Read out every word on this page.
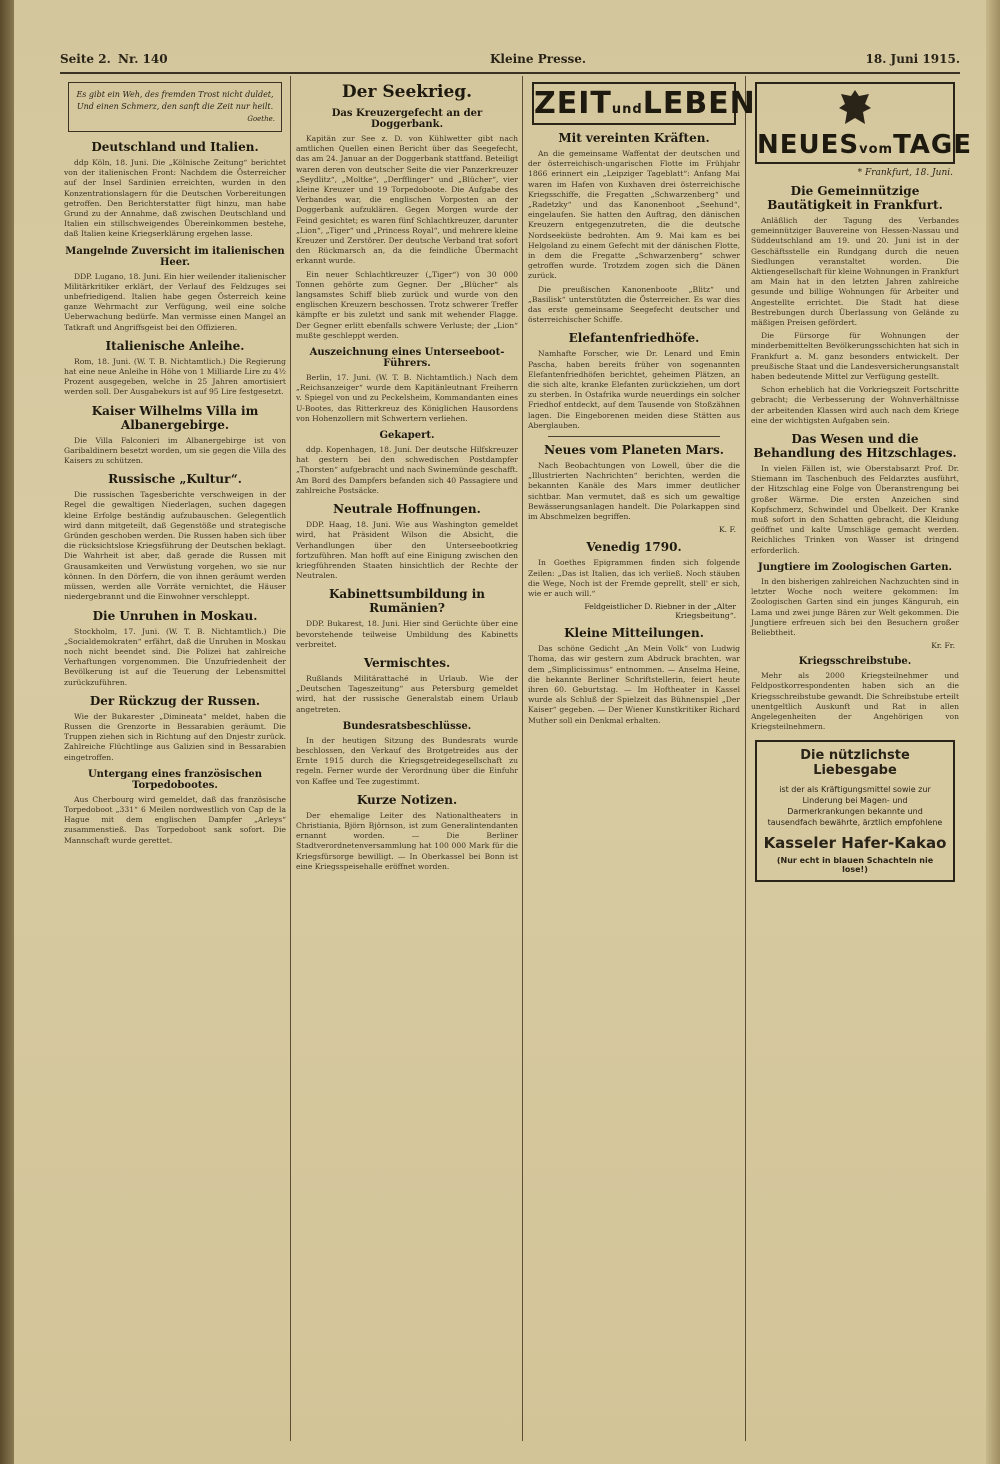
Seite 2. Nr. 140	Kleine Presse.	18. Juni 1915.
Es gibt ein Weh, des fremden Trost nicht duldet,
Und einen Schmerz, den sanft die Zeit nur heilt.
Goethe.
Deutschland und Italien.

ddp Köln, 18. Juni. Die „Kölnische Zeitung“ berichtet von der italienischen Front: Nachdem die Österreicher auf der Insel Sardinien erreichten, wurden in den Konzentrationslagern für die Deutschen Vorbereitungen getroffen. Den Berichterstatter fügt hinzu, man habe Grund zu der Annahme, daß zwischen Deutschland und Italien ein stillschweigendes Übereinkommen bestehe, daß Italien keine Kriegserklärung ergehen lasse.

Mangelnde Zuversicht im italienischen Heer.

DDP. Lugano, 18. Juni. Ein hier weilender italienischer Militärkritiker erklärt, der Verlauf des Feldzuges sei unbefriedigend. Italien habe gegen Österreich keine ganze Wehrmacht zur Verfügung, weil eine solche Ueberwachung bedürfe. Man vermisse einen Mangel an Tatkraft und Angriffsgeist bei den Offizieren.

Italienische Anleihe.

Rom, 18. Juni. (W. T. B. Nichtamtlich.) Die Regierung hat eine neue Anleihe in Höhe von 1 Milliarde Lire zu 4½ Prozent ausgegeben, welche in 25 Jahren amortisiert werden soll. Der Ausgabekurs ist auf 95 Lire festgesetzt.

Kaiser Wilhelms Villa im Albanergebirge.

Die Villa Falconieri im Albanergebirge ist von Garibaldinern besetzt worden, um sie gegen die Villa des Kaisers zu schützen.

Russische „Kultur“.

Die russischen Tagesberichte verschweigen in der Regel die gewaltigen Niederlagen, suchen dagegen kleine Erfolge beständig aufzubauschen. Gelegentlich wird dann mitgeteilt, daß Gegenstöße und strategische Gründen geschoben werden. Die Russen haben sich über die rücksichtslose Kriegsführung der Deutschen beklagt. Die Wahrheit ist aber, daß gerade die Russen mit Grausamkeiten und Verwüstung vorgehen, wo sie nur können. In den Dörfern, die von ihnen geräumt werden müssen, werden alle Vorräte vernichtet, die Häuser niedergebrannt und die Einwohner verschleppt.

Die Unruhen in Moskau.

Stockholm, 17. Juni. (W. T. B. Nichtamtlich.) Die „Socialdemokraten“ erfährt, daß die Unruhen in Moskau noch nicht beendet sind. Die Polizei hat zahlreiche Verhaftungen vorgenommen. Die Unzufriedenheit der Bevölkerung ist auf die Teuerung der Lebensmittel zurückzuführen.

Der Rückzug der Russen.

Wie der Bukarester „Dimineata“ meldet, haben die Russen die Grenzorte in Bessarabien geräumt. Die Truppen ziehen sich in Richtung auf den Dnjestr zurück. Zahlreiche Flüchtlinge aus Galizien sind in Bessarabien eingetroffen.

Untergang eines französischen Torpedobootes.

Aus Cherbourg wird gemeldet, daß das französische Torpedoboot „331“ 6 Meilen nordwestlich von Cap de la Hague mit dem englischen Dampfer „Arleys“ zusammenstieß. Das Torpedoboot sank sofort. Die Mannschaft wurde gerettet.

Der Seekrieg.
Das Kreuzergefecht an der Doggerbank.

Kapitän zur See z. D. von Kühlwetter gibt nach amtlichen Quellen einen Bericht über das Seegefecht, das am 24. Januar an der Doggerbank stattfand. Beteiligt waren deren von deutscher Seite die vier Panzerkreuzer „Seydlitz“, „Moltke“, „Derfflinger“ und „Blücher“, vier kleine Kreuzer und 19 Torpedoboote. Die Aufgabe des Verbandes war, die englischen Vorposten an der Doggerbank aufzuklären. Gegen Morgen wurde der Feind gesichtet; es waren fünf Schlachtkreuzer, darunter „Lion“, „Tiger“ und „Princess Royal“, und mehrere kleine Kreuzer und Zerstörer. Der deutsche Verband trat sofort den Rückmarsch an, da die feindliche Übermacht erkannt wurde.

Ein neuer Schlachtkreuzer („Tiger“) von 30 000 Tonnen gehörte zum Gegner. Der „Blücher“ als langsamstes Schiff blieb zurück und wurde von den englischen Kreuzern beschossen. Trotz schwerer Treffer kämpfte er bis zuletzt und sank mit wehender Flagge. Der Gegner erlitt ebenfalls schwere Verluste; der „Lion“ mußte geschleppt werden.

Auszeichnung eines Unterseeboot-Führers.

Berlin, 17. Juni. (W. T. B. Nichtamtlich.) Nach dem „Reichsanzeiger“ wurde dem Kapitänleutnant Freiherrn v. Spiegel von und zu Peckelsheim, Kommandanten eines U-Bootes, das Ritterkreuz des Königlichen Hausordens von Hohenzollern mit Schwertern verliehen.

Gekapert.

ddp. Kopenhagen, 18. Juni. Der deutsche Hilfskreuzer hat gestern bei den schwedischen Postdampfer „Thorsten“ aufgebracht und nach Swinemünde geschafft. Am Bord des Dampfers befanden sich 40 Passagiere und zahlreiche Postsäcke.

Neutrale Hoffnungen.

DDP. Haag, 18. Juni. Wie aus Washington gemeldet wird, hat Präsident Wilson die Absicht, die Verhandlungen über den Unterseebootkrieg fortzuführen. Man hofft auf eine Einigung zwischen den kriegführenden Staaten hinsichtlich der Rechte der Neutralen.

Kabinettsumbildung in Rumänien?

DDP. Bukarest, 18. Juni. Hier sind Gerüchte über eine bevorstehende teilweise Umbildung des Kabinetts verbreitet.

Vermischtes.

Rußlands Militärattaché in Urlaub. Wie der „Deutschen Tageszeitung“ aus Petersburg gemeldet wird, hat der russische Generalstab einem Urlaub angetreten.

Bundesratsbeschlüsse.

In der heutigen Sitzung des Bundesrats wurde beschlossen, den Verkauf des Brotgetreides aus der Ernte 1915 durch die Kriegsgetreidegesellschaft zu regeln. Ferner wurde der Verordnung über die Einfuhr von Kaffee und Tee zugestimmt.

Kurze Notizen.

Der ehemalige Leiter des Nationaltheaters in Christiania, Björn Björnson, ist zum Generalintendanten ernannt worden. — Die Berliner Stadtverordnetenversammlung hat 100 000 Mark für die Kriegsfürsorge bewilligt. — In Oberkassel bei Bonn ist eine Kriegsspeisehalle eröffnet worden.

ZEITundLEBEN
Mit vereinten Kräften.

An die gemeinsame Waffentat der deutschen und der österreichisch-ungarischen Flotte im Frühjahr 1866 erinnert ein „Leipziger Tageblatt“: Anfang Mai waren im Hafen von Kuxhaven drei österreichische Kriegsschiffe, die Fregatten „Schwarzenberg“ und „Radetzky“ und das Kanonenboot „Seehund“, eingelaufen. Sie hatten den Auftrag, den dänischen Kreuzern entgegenzutreten, die die deutsche Nordseeküste bedrohten. Am 9. Mai kam es bei Helgoland zu einem Gefecht mit der dänischen Flotte, in dem die Fregatte „Schwarzenberg“ schwer getroffen wurde. Trotzdem zogen sich die Dänen zurück.

Die preußischen Kanonenboote „Blitz“ und „Basilisk“ unterstützten die Österreicher. Es war dies das erste gemeinsame Seegefecht deutscher und österreichischer Schiffe.

Elefantenfriedhöfe.

Namhafte Forscher, wie Dr. Lenard und Emin Pascha, haben bereits früher von sogenannten Elefantenfriedhöfen berichtet, geheimen Plätzen, an die sich alte, kranke Elefanten zurückziehen, um dort zu sterben. In Ostafrika wurde neuerdings ein solcher Friedhof entdeckt, auf dem Tausende von Stoßzähnen lagen. Die Eingeborenen meiden diese Stätten aus Aberglauben.

Neues vom Planeten Mars.

Nach Beobachtungen von Lowell, über die die „Illustrierten Nachrichten“ berichten, werden die bekannten Kanäle des Mars immer deutlicher sichtbar. Man vermutet, daß es sich um gewaltige Bewässerungsanlagen handelt. Die Polarkappen sind im Abschmelzen begriffen.

K. F.
Venedig 1790.

In Goethes Epigrammen finden sich folgende Zeilen: „Das ist Italien, das ich verließ. Noch stäuben die Wege, Noch ist der Fremde geprellt, stell' er sich, wie er auch will.“

Feldgeistlicher D. Riebner in der „Alter Kriegsbeitung“.
Kleine Mitteilungen.

Das schöne Gedicht „An Mein Volk“ von Ludwig Thoma, das wir gestern zum Abdruck brachten, war dem „Simplicissimus“ entnommen. — Anselma Heine, die bekannte Berliner Schriftstellerin, feiert heute ihren 60. Geburtstag. — Im Hoftheater in Kassel wurde als Schluß der Spielzeit das Bühnenspiel „Der Kaiser“ gegeben. — Der Wiener Kunstkritiker Richard Muther soll ein Denkmal erhalten.

NEUESvomTAGE
* Frankfurt, 18. Juni.
Die Gemeinnützige Bautätigkeit in Frankfurt.

Anläßlich der Tagung des Verbandes gemeinnütziger Bauvereine von Hessen-Nassau und Süddeutschland am 19. und 20. Juni ist in der Geschäftsstelle ein Rundgang durch die neuen Siedlungen veranstaltet worden. Die Aktiengesellschaft für kleine Wohnungen in Frankfurt am Main hat in den letzten Jahren zahlreiche gesunde und billige Wohnungen für Arbeiter und Angestellte errichtet. Die Stadt hat diese Bestrebungen durch Überlassung von Gelände zu mäßigen Preisen gefördert.

Die Fürsorge für Wohnungen der minderbemittelten Bevölkerungsschichten hat sich in Frankfurt a. M. ganz besonders entwickelt. Der preußische Staat und die Landesversicherungsanstalt haben bedeutende Mittel zur Verfügung gestellt.

Schon erheblich hat die Vorkriegszeit Fortschritte gebracht; die Verbesserung der Wohnverhältnisse der arbeitenden Klassen wird auch nach dem Kriege eine der wichtigsten Aufgaben sein.

Das Wesen und die Behandlung des Hitzschlages.

In vielen Fällen ist, wie Oberstabsarzt Prof. Dr. Stiemann im Taschenbuch des Feldarztes ausführt, der Hitzschlag eine Folge von Überanstrengung bei großer Wärme. Die ersten Anzeichen sind Kopfschmerz, Schwindel und Übelkeit. Der Kranke muß sofort in den Schatten gebracht, die Kleidung geöffnet und kalte Umschläge gemacht werden. Reichliches Trinken von Wasser ist dringend erforderlich.

Jungtiere im Zoologischen Garten.

In den bisherigen zahlreichen Nachzuchten sind in letzter Woche noch weitere gekommen: Im Zoologischen Garten sind ein junges Känguruh, ein Lama und zwei junge Bären zur Welt gekommen. Die Jungtiere erfreuen sich bei den Besuchern großer Beliebtheit.

Kr. Fr.
Kriegsschreibstube.

Mehr als 2000 Kriegsteilnehmer und Feldpostkorrespondenten haben sich an die Kriegsschreibstube gewandt. Die Schreibstube erteilt unentgeltlich Auskunft und Rat in allen Angelegenheiten der Angehörigen von Kriegsteilnehmern.

Die nützlichste Liebesgabe
ist der als Kräftigungsmittel sowie zur Linderung bei Magen- und Darmerkrankungen bekannte und tausendfach bewährte, ärztlich empfohlene
Kasseler Hafer-Kakao
(Nur echt in blauen Schachteln nie lose!)
